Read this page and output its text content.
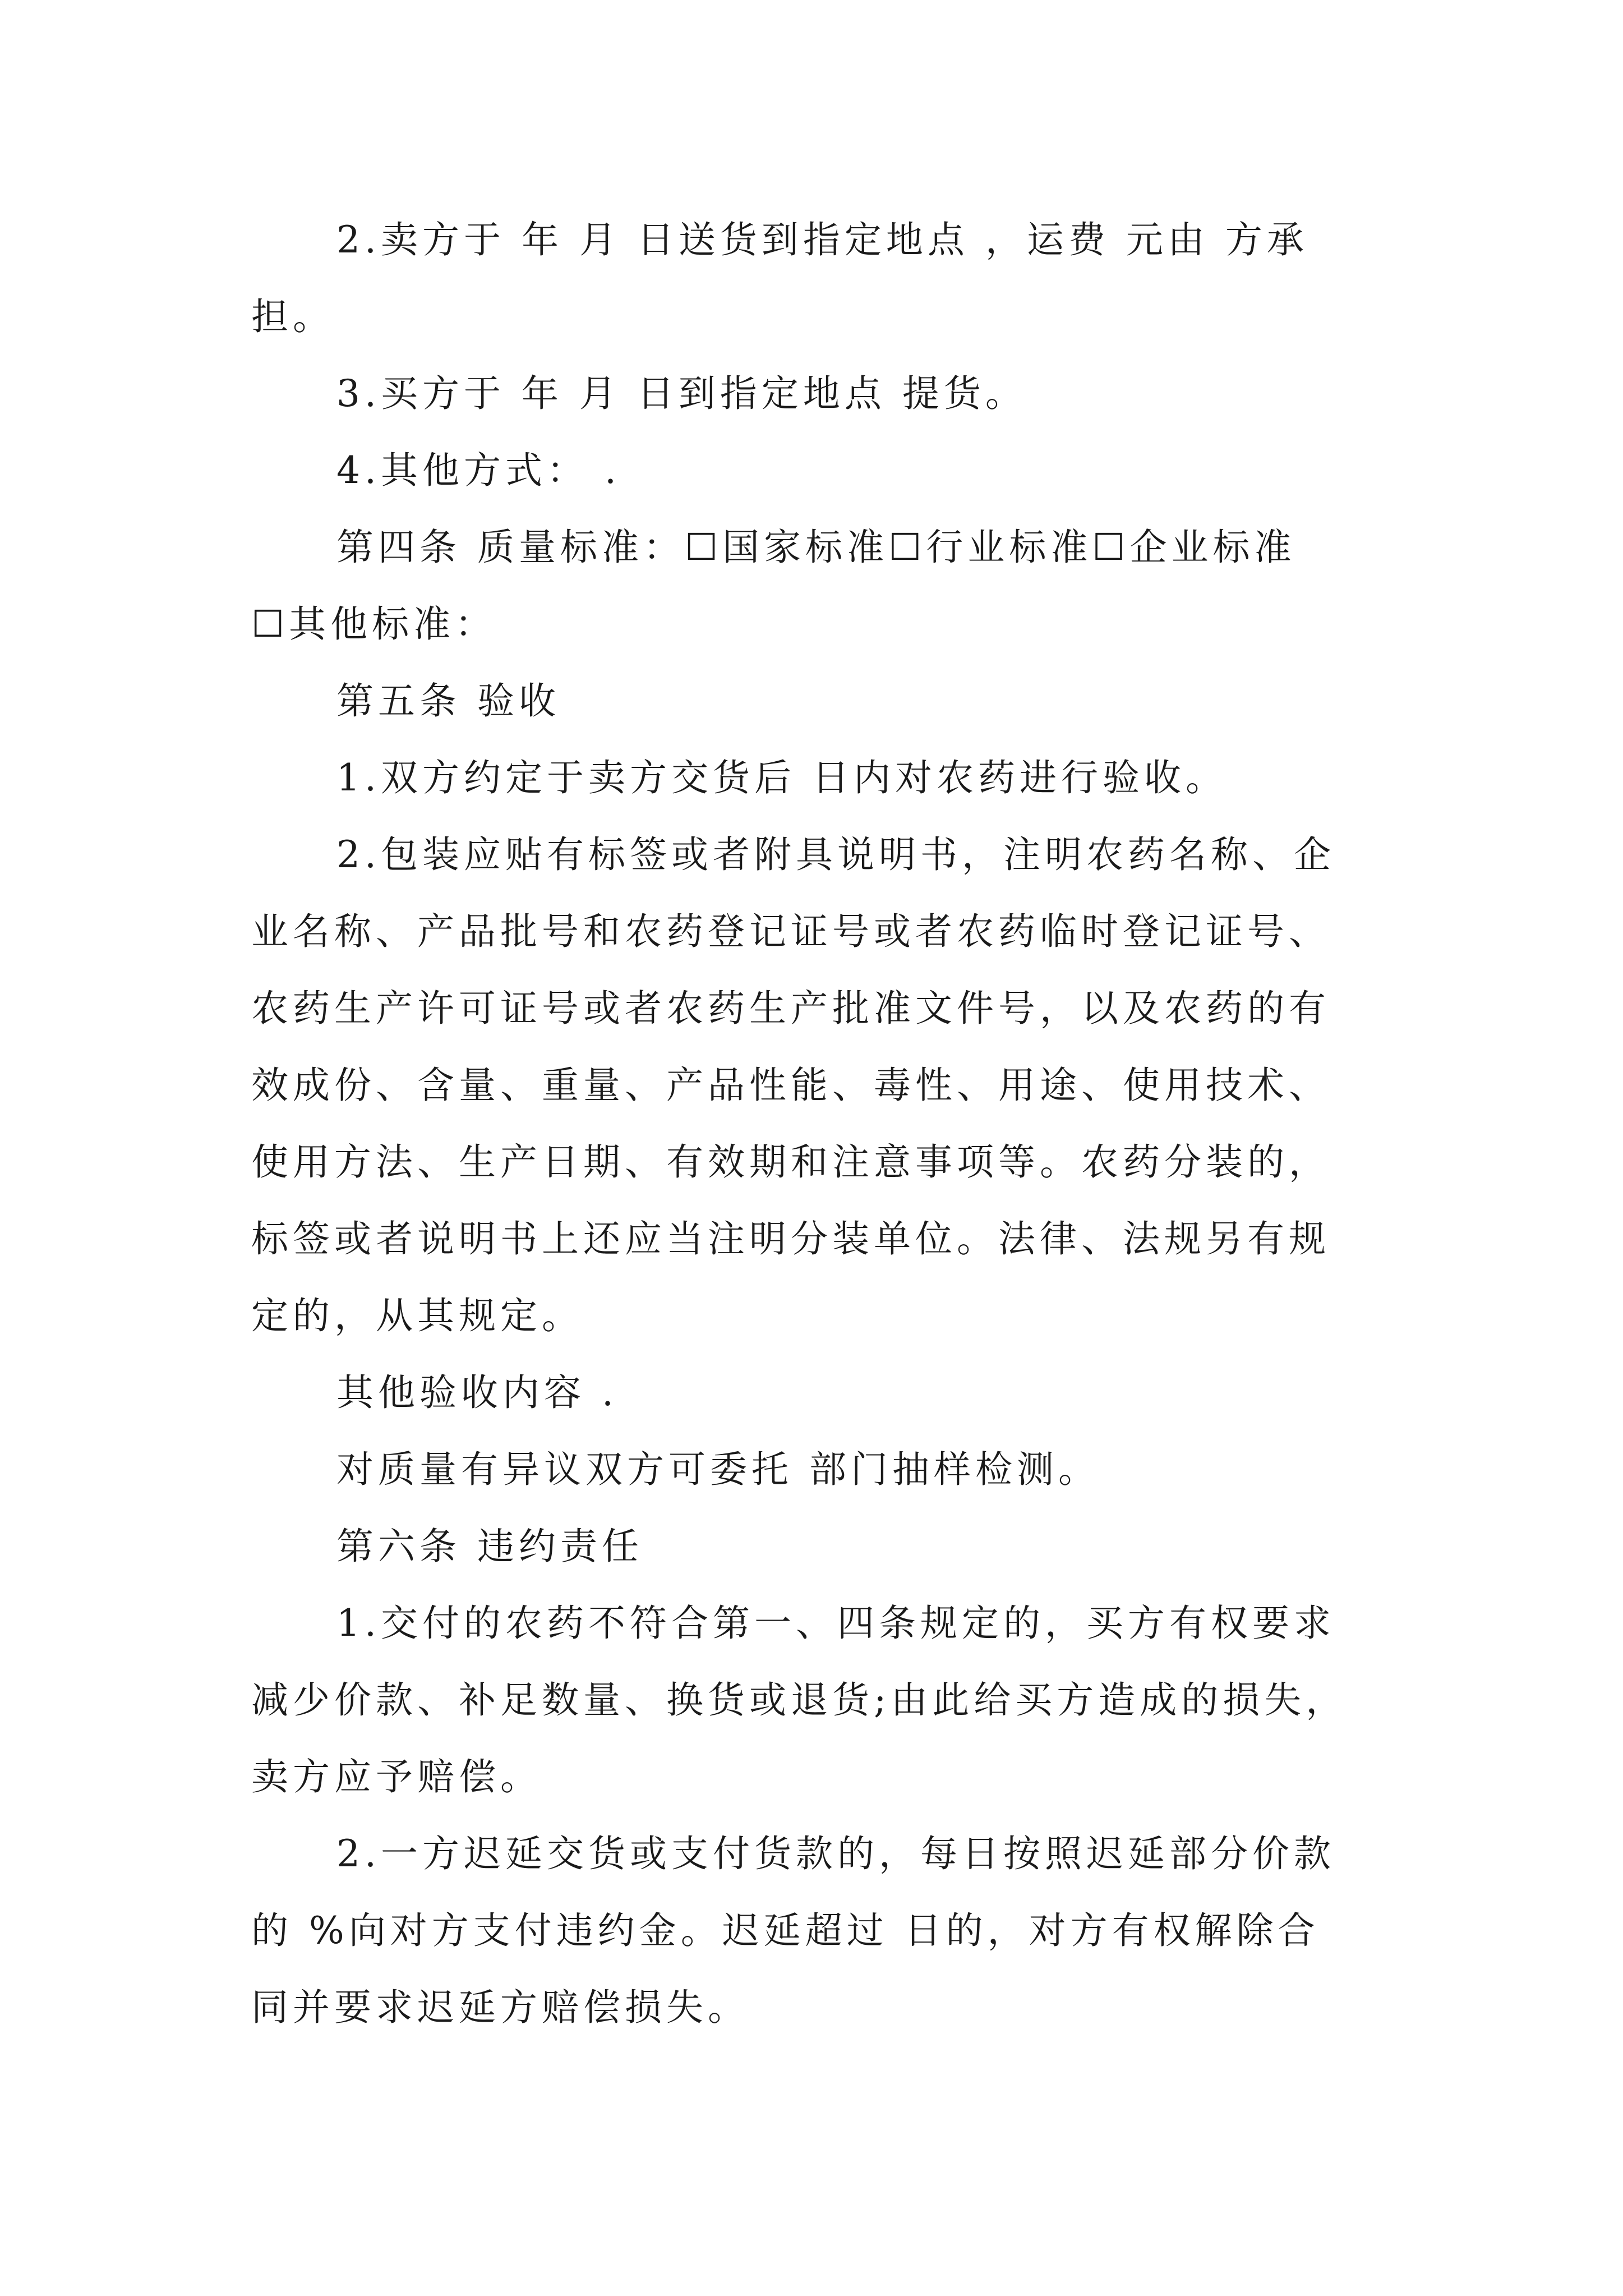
2.卖方于 年 月 日送货到指定地点 ，运费 元由 方承
担。
3.买方于 年 月 日到指定地点 提货。
4.其他方式： .
第四条 质量标准：☐国家标准☐行业标准☐企业标准
☐其他标准：
第五条 验收
1.双方约定于卖方交货后 日内对农药进行验收。
2.包装应贴有标签或者附具说明书，注明农药名称、企
业名称、产品批号和农药登记证号或者农药临时登记证号、
农药生产许可证号或者农药生产批准文件号，以及农药的有
效成份、含量、重量、产品性能、毒性、用途、使用技术、
使用方法、生产日期、有效期和注意事项等。农药分装的，
标签或者说明书上还应当注明分装单位。法律、法规另有规
定的，从其规定。
其他验收内容 .
对质量有异议双方可委托 部门抽样检测。
第六条 违约责任
1.交付的农药不符合第一、四条规定的，买方有权要求
减少价款、补足数量、换货或退货;由此给买方造成的损失，
卖方应予赔偿。
2.一方迟延交货或支付货款的，每日按照迟延部分价款
的 %向对方支付违约金。迟延超过 日的，对方有权解除合
同并要求迟延方赔偿损失。
